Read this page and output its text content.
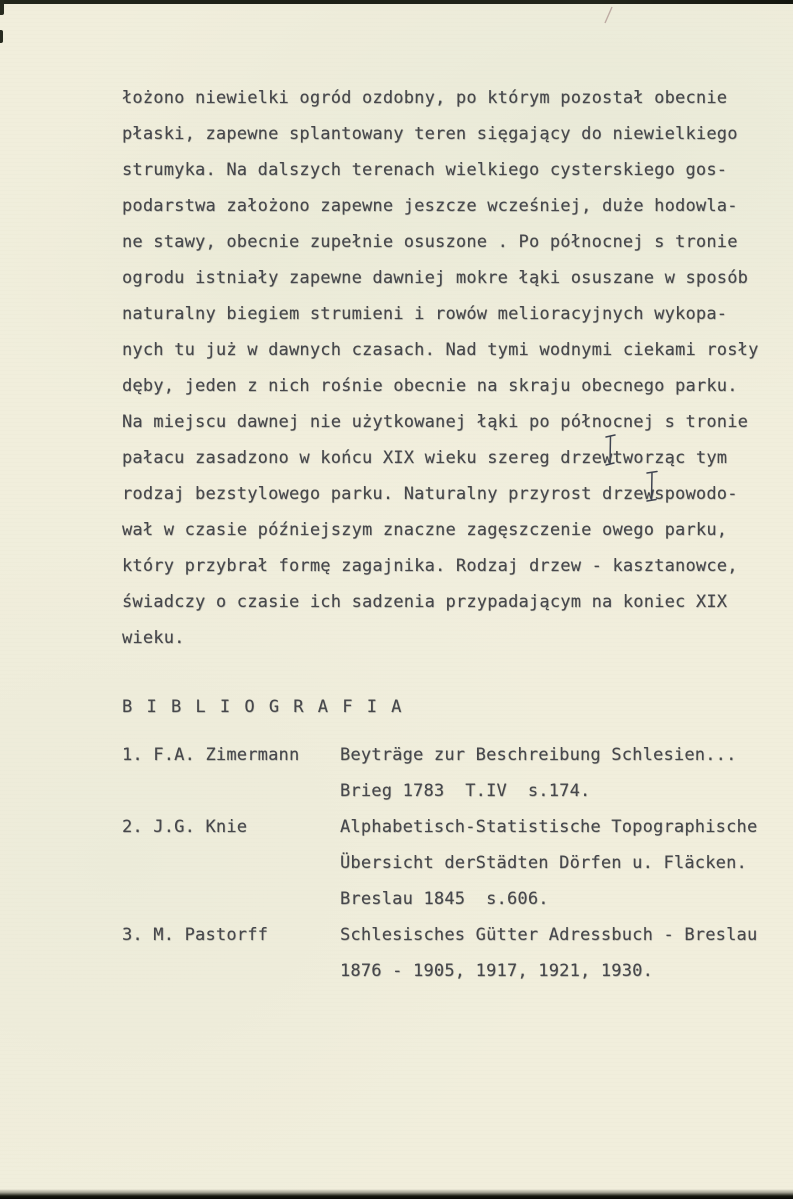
łożono niewielki ogród ozdobny, po którym pozostał obecnie
płaski, zapewne splantowany teren sięgający do niewielkiego
strumyka. Na dalszych terenach wielkiego cysterskiego gos-
podarstwa założono zapewne jeszcze wcześniej, duże hodowla-
ne stawy, obecnie zupełnie osuszone . Po północnej s tronie
ogrodu istniały zapewne dawniej mokre łąki osuszane w sposób
naturalny biegiem strumieni i rowów melioracyjnych wykopa-
nych tu już w dawnych czasach. Nad tymi wodnymi ciekami rosły
dęby, jeden z nich rośnie obecnie na skraju obecnego parku.
Na miejscu dawnej nie użytkowanej łąki po północnej s tronie
pałacu zasadzono w końcu XIX wieku szereg drzewtworząc tym
rodzaj bezstylowego parku. Naturalny przyrost drzewspowodo-
wał w czasie późniejszym znaczne zagęszczenie owego parku,
który przybrał formę zagajnika. Rodzaj drzew - kasztanowce,
świadczy o czasie ich sadzenia przypadającym na koniec XIX
wieku.
B I B L I O G R A F I A
1. F.A. Zimermann Beyträge zur Beschreibung Schlesien...
Brieg 1783  T.IV  s.174.
2. J.G. Knie	Alphabetisch-Statistische Topographische
Übersicht derStädten Dörfen u. Fläcken.
Breslau 1845  s.606.
3. M. Pastorff	Schlesisches Gütter Adressbuch - Breslau
1876 - 1905, 1917, 1921, 1930.
